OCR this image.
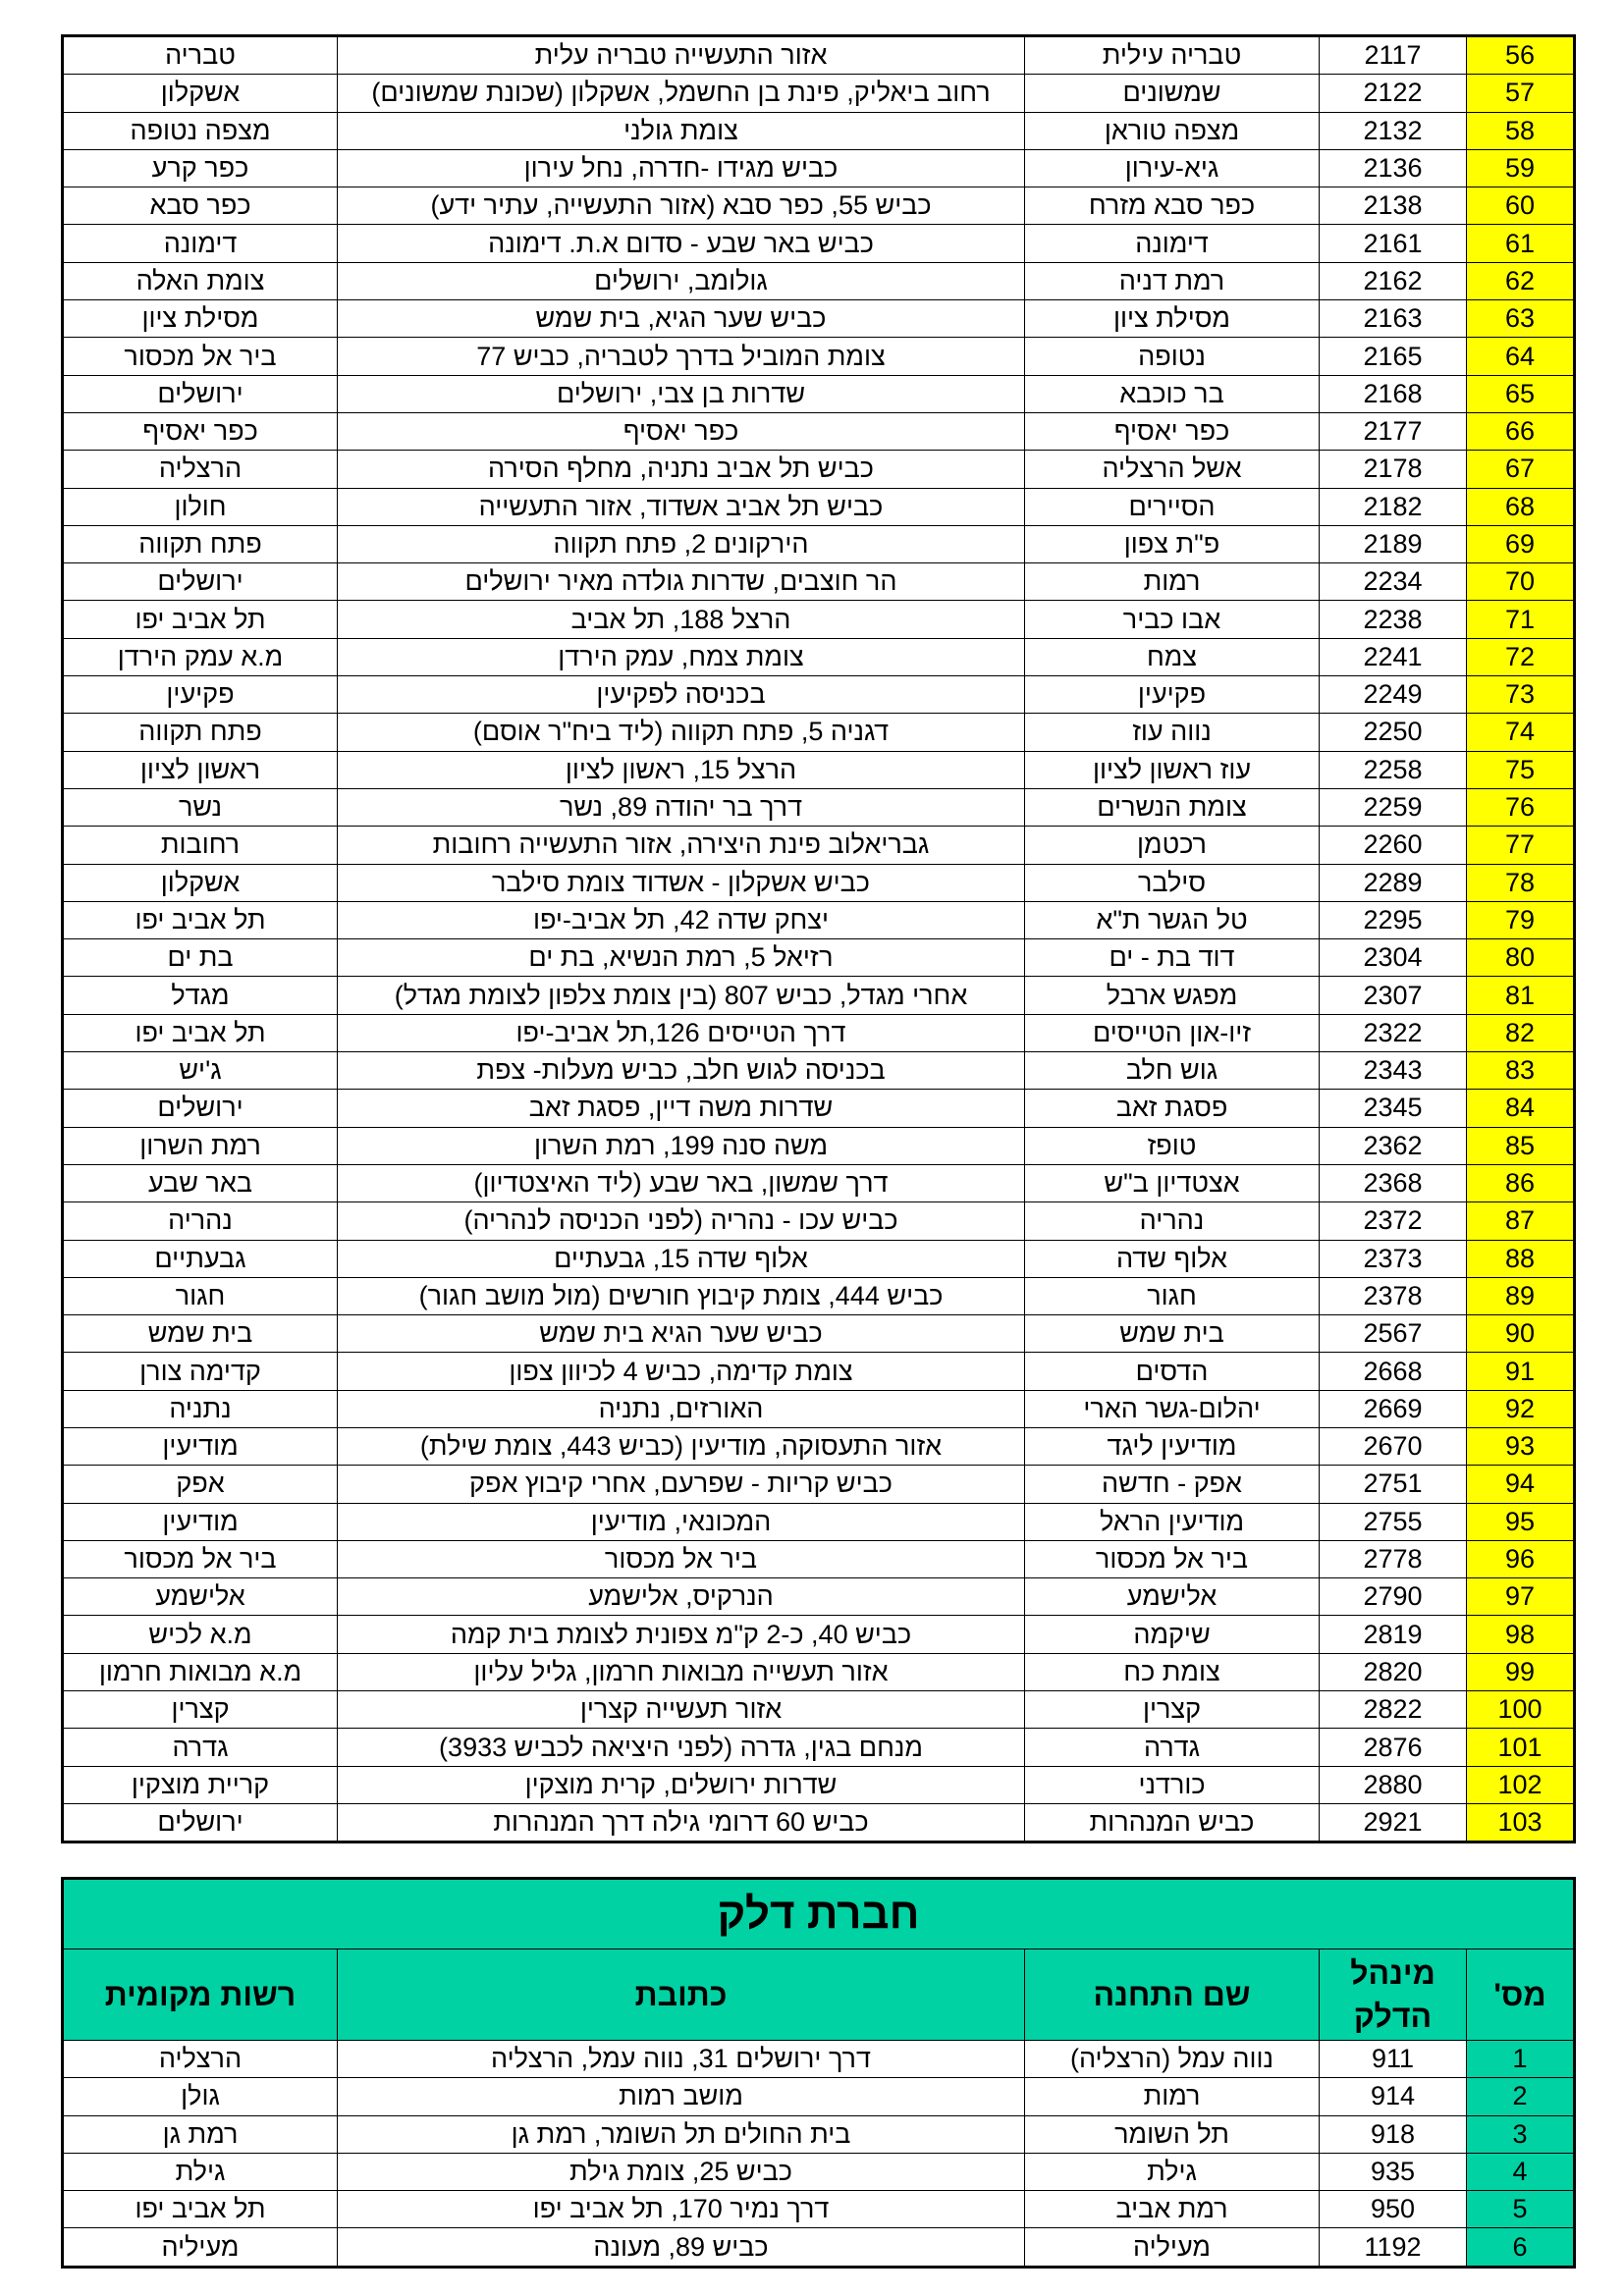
56	2117	טבריה עילית	אזור התעשייה טבריה עלית	טבריה
57	2122	שמשונים	רחוב ביאליק, פינת בן החשמל, אשקלון (שכונת שמשונים)	אשקלון
58	2132	מצפה טוראן	צומת גולני	מצפה נטופה
59	2136	גיא-עירון	כביש מגידו -חדרה, נחל עירון	כפר קרע
60	2138	כפר סבא מזרח	כביש 55, כפר סבא (אזור התעשייה, עתיר ידע)	כפר סבא
61	2161	דימונה	כביש באר שבע - סדום א.ת. דימונה	דימונה
62	2162	רמת דניה	גולומב, ירושלים	צומת האלה
63	2163	מסילת ציון	כביש שער הגיא, בית שמש	מסילת ציון
64	2165	נטופה	צומת המוביל בדרך לטבריה, כביש 77	ביר אל מכסור
65	2168	בר כוכבא	שדרות בן צבי, ירושלים	ירושלים
66	2177	כפר יאסיף	כפר יאסיף	כפר יאסיף
67	2178	אשל הרצליה	כביש תל אביב נתניה, מחלף הסירה	הרצליה
68	2182	הסיירים	כביש תל אביב אשדוד, אזור התעשייה	חולון
69	2189	פ"ת צפון	הירקונים 2, פתח תקווה	פתח תקווה
70	2234	רמות	הר חוצבים, שדרות גולדה מאיר ירושלים	ירושלים
71	2238	אבו כביר	הרצל 188, תל אביב	תל אביב יפו
72	2241	צמח	צומת צמח, עמק הירדן	מ.א עמק הירדן
73	2249	פקיעין	בכניסה לפקיעין	פקיעין
74	2250	נווה עוז	דגניה 5, פתח תקווה (ליד ביח"ר אוסם)	פתח תקווה
75	2258	עוז ראשון לציון	הרצל 15, ראשון לציון	ראשון לציון
76	2259	צומת הנשרים	דרך בר יהודה 89, נשר	נשר
77	2260	רכטמן	גבריאלוב פינת היצירה, אזור התעשייה רחובות	רחובות
78	2289	סילבר	כביש אשקלון - אשדוד צומת סילבר	אשקלון
79	2295	טל הגשר ת"א	יצחק שדה 42, תל אביב-יפו	תל אביב יפו
80	2304	דוד בת - ים	רזיאל 5, רמת הנשיא, בת ים	בת ים
81	2307	מפגש ארבל	אחרי מגדל, כביש 807 (בין צומת צלפון לצומת מגדל)	מגדל
82	2322	זיו-און הטייסים	דרך הטייסים 126,תל אביב-יפו	תל אביב יפו
83	2343	גוש חלב	בכניסה לגוש חלב, כביש מעלות- צפת	ג'יש
84	2345	פסגת זאב	שדרות משה דיין, פסגת זאב	ירושלים
85	2362	טופז	משה סנה 199, רמת השרון	רמת השרון
86	2368	אצטדיון ב"ש	דרך שמשון, באר שבע (ליד האיצטדיון)	באר שבע
87	2372	נהריה	כביש עכו - נהריה (לפני הכניסה לנהריה)	נהריה
88	2373	אלוף שדה	אלוף שדה 15, גבעתיים	גבעתיים
89	2378	חגור	כביש 444, צומת קיבוץ חורשים (מול מושב חגור)	חגור
90	2567	בית שמש	כביש שער הגיא בית שמש	בית שמש
91	2668	הדסים	צומת קדימה, כביש 4 לכיוון צפון	קדימה צורן
92	2669	יהלום-גשר הארי	האורזים, נתניה	נתניה
93	2670	מודיעין ליגד	אזור התעסוקה, מודיעין (כביש 443, צומת שילת)	מודיעין
94	2751	אפק - חדשה	כביש קריות - שפרעם, אחרי קיבוץ אפק	אפק
95	2755	מודיעין הראל	המכונאי, מודיעין	מודיעין
96	2778	ביר אל מכסור	ביר אל מכסור	ביר אל מכסור
97	2790	אלישמע	הנרקיס, אלישמע	אלישמע
98	2819	שיקמה	כביש 40, כ-2 ק"מ צפונית לצומת בית קמה	מ.א לכיש
99	2820	צומת כח	אזור תעשייה מבואות חרמון, גליל עליון	מ.א מבואות חרמון
100	2822	קצרין	אזור תעשייה קצרין	קצרין
101	2876	גדרה	מנחם בגין, גדרה (לפני היציאה לכביש 3933)	גדרה
102	2880	כורדני	שדרות ירושלים, קרית מוצקין	קריית מוצקין
103	2921	כביש המנהרות	כביש 60 דרומי גילה דרך המנהרות	ירושלים
חברת דלק				
מס'	מינהל הדלק	שם התחנה	כתובת	רשות מקומית
1	911	נווה עמל (הרצליה)	דרך ירושלים 31, נווה עמל, הרצליה	הרצליה
2	914	רמות	מושב רמות	גולן
3	918	תל השומר	בית החולים תל השומר, רמת גן	רמת גן
4	935	גילת	כביש 25, צומת גילת	גילת
5	950	רמת אביב	דרך נמיר 170, תל אביב יפו	תל אביב יפו
6	1192	מעיליה	כביש 89, מעונה	מעיליה
